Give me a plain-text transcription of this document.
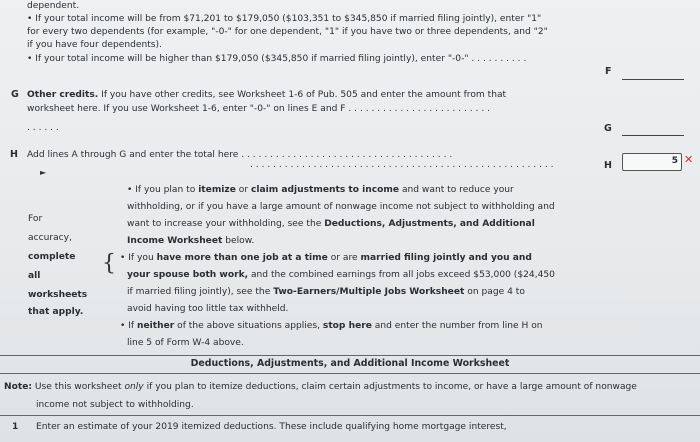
dependent.
• If your total income will be from $71,201 to $179,050 ($103,351 to $345,850 if married filing jointly), enter "1"
for every two dependents (for example, "-0-" for one dependent, "1" if you have two or three dependents, and "2"
if you have four dependents).
• If your total income will be higher than $179,050 ($345,850 if married filing jointly), enter "-0-" . . . . . . . . . .
F
G Other credits. If you have other credits, see Worksheet 1-6 of Pub. 505 and enter the amount from that
worksheet here. If you use Worksheet 1-6, enter "-0-" on lines E and F . . . . . . . . . . . . . . . . . . . . . . . . .
. . . . . .	G
H Add lines A through G and enter the total here . . . . . . . . . . . . . . . . . . . . . . . . . . . . . . . . . . . . .
. . . . . . . . . . . . . . . . . . . . . . . . . . . . . . . . . . . . . . . . . . . . . . . . . . . . .
►
H	5 ✕
For
accuracy,
complete
all
worksheets
that apply.
{
• If you plan to itemize or claim adjustments to income and want to reduce your
withholding, or if you have a large amount of nonwage income not subject to withholding and
want to increase your withholding, see the Deductions, Adjustments, and Additional
Income Worksheet below.
• If you have more than one job at a time or are married filing jointly and you and
your spouse both work, and the combined earnings from all jobs exceed $53,000 ($24,450
if married filing jointly), see the Two-Earners/Multiple Jobs Worksheet on page 4 to
avoid having too little tax withheld.
• If neither of the above situations applies, stop here and enter the number from line H on
line 5 of Form W-4 above.
Deductions, Adjustments, and Additional Income Worksheet
Note: Use this worksheet only if you plan to itemize deductions, claim certain adjustments to income, or have a large amount of nonwage
income not subject to withholding.
1 Enter an estimate of your 2019 itemized deductions. These include qualifying home mortgage interest,
